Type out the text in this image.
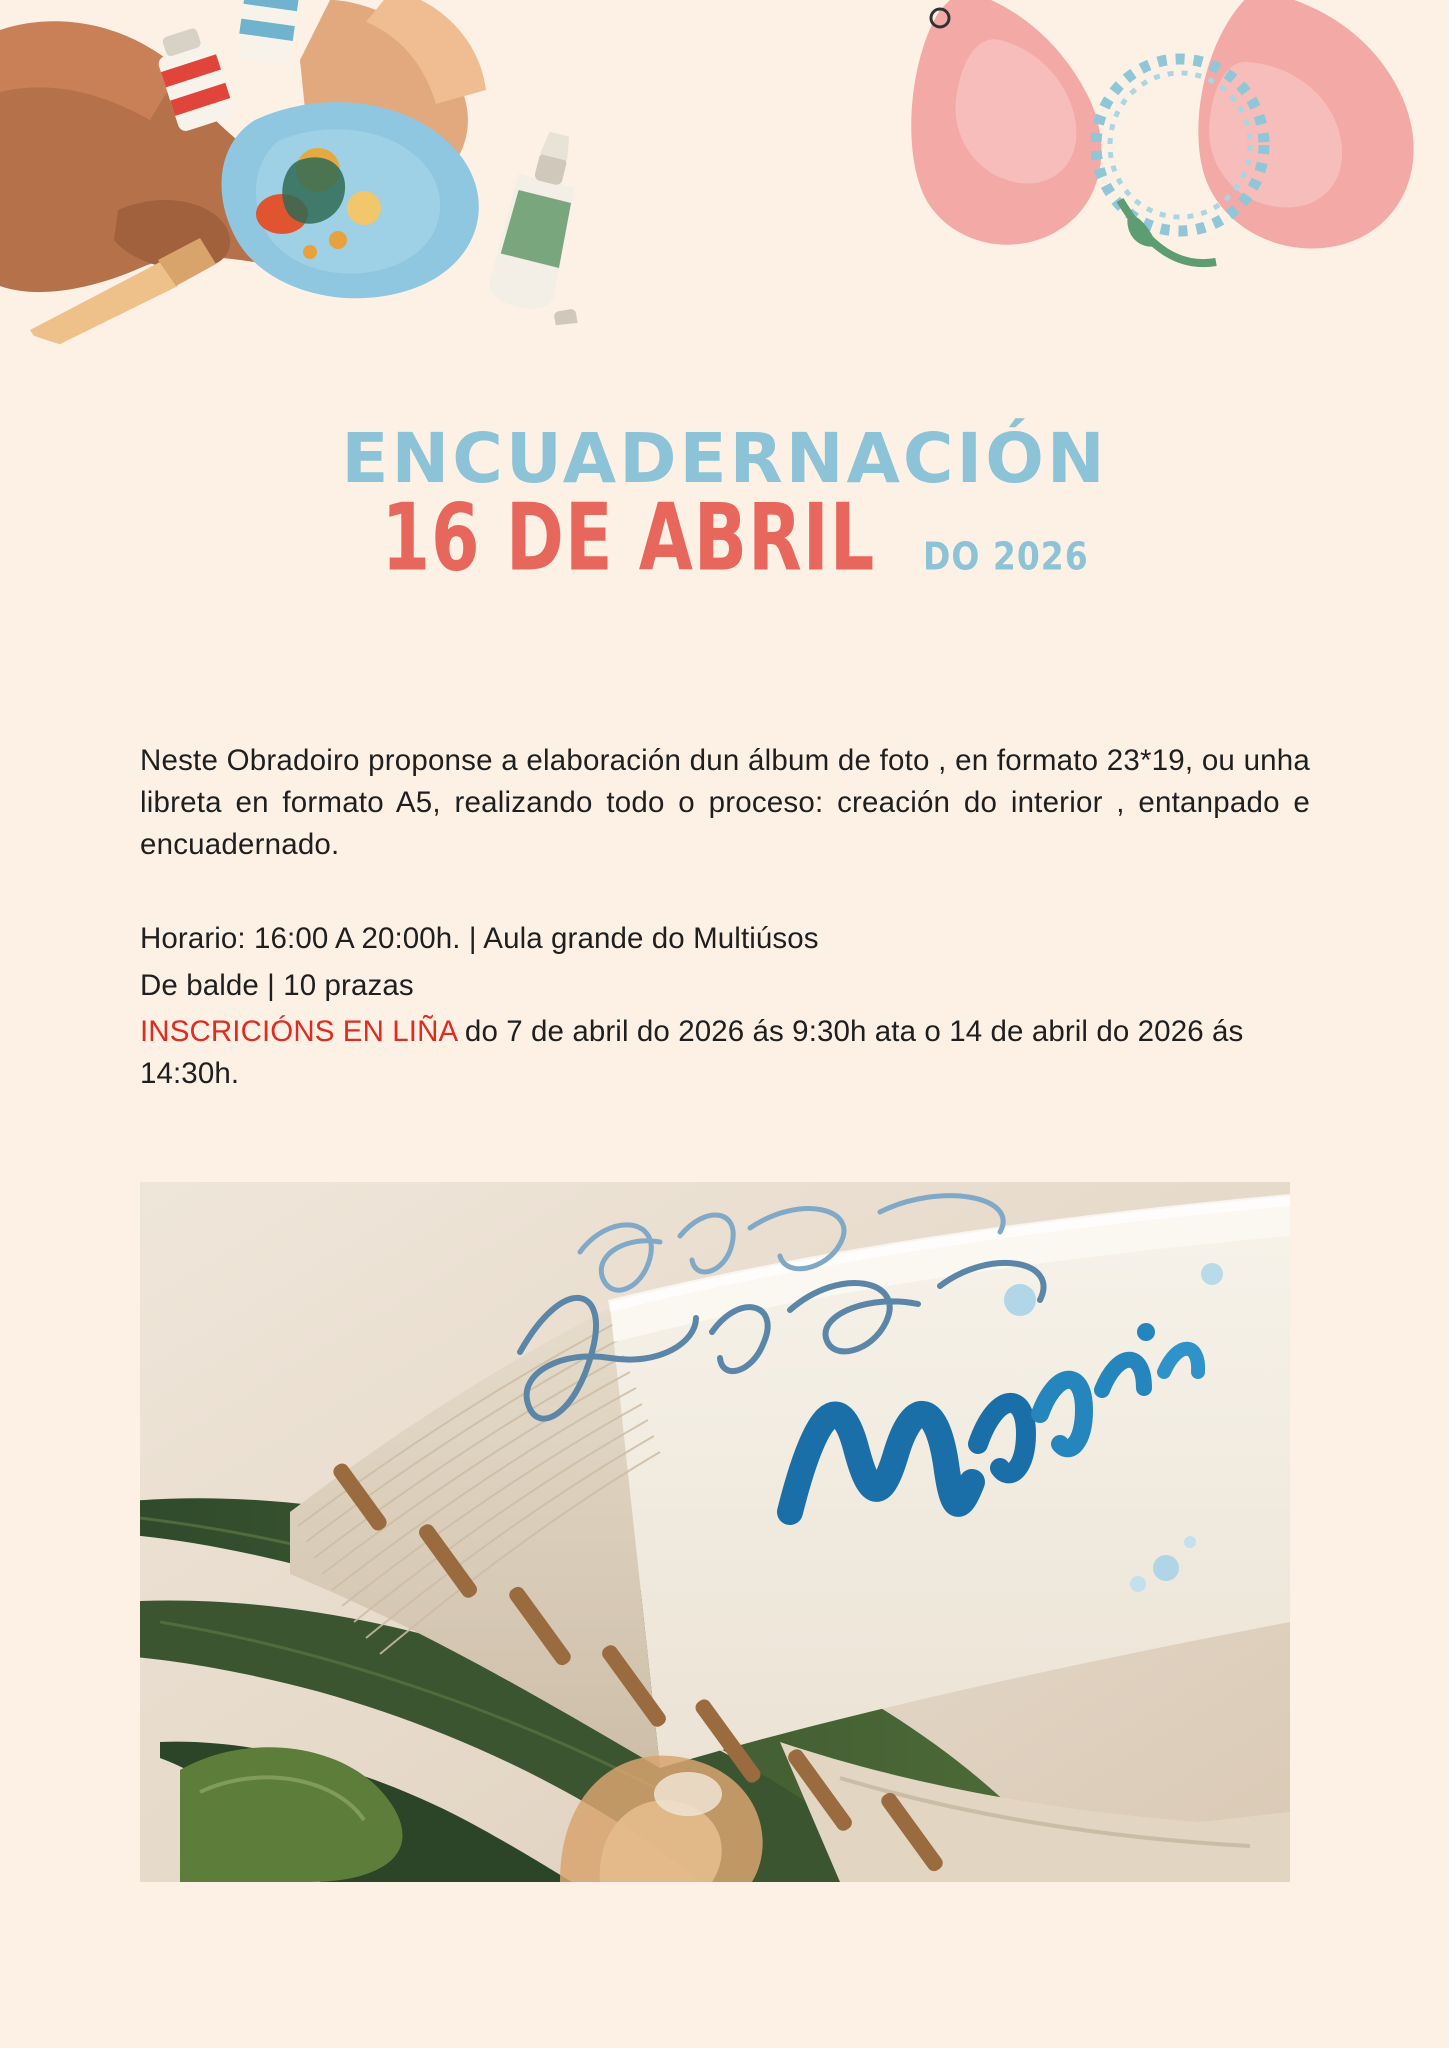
ENCUADERNACIÓN
16 DE ABRIL DO 2026

Neste Obradoiro proponse a elaboración dun álbum de foto , en formato 23*19, ou unha libreta en formato A5, realizando todo o proceso: creación do interior , entanpado e encuadernado.

Horario: 16:00 A 20:00h. | Aula grande do Multiúsos

De balde | 10 prazas

INSCRICIÓNS EN LIÑA do 7 de abril do 2026 ás 9:30h ata o 14 de abril do 2026 ás 14:30h.
